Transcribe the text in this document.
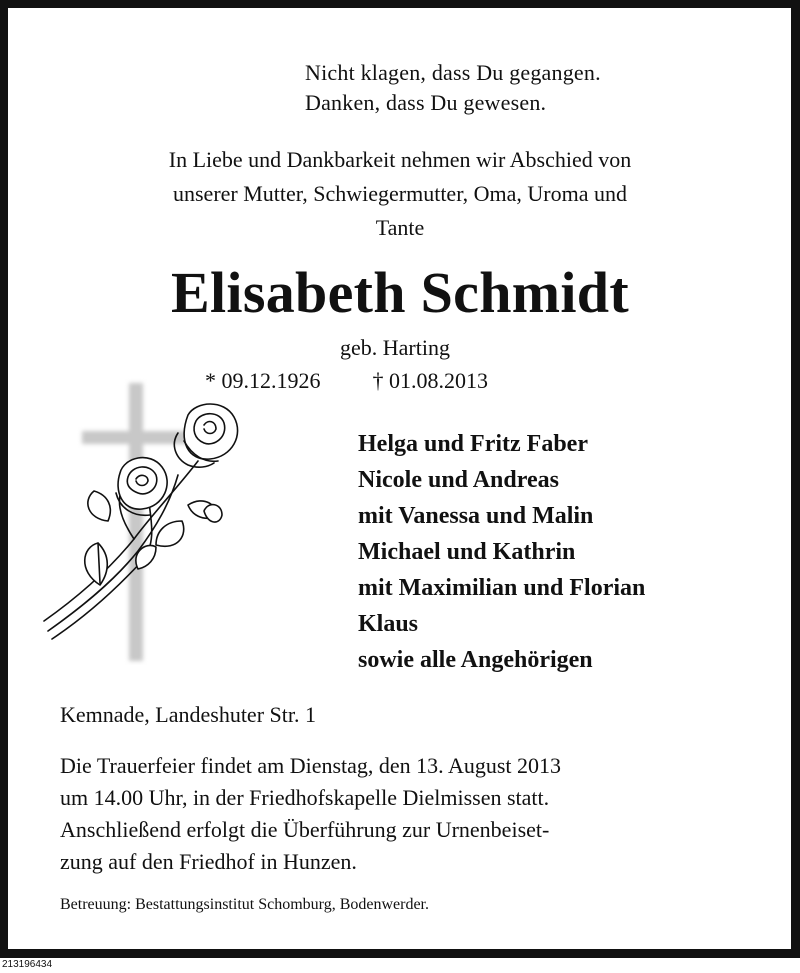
Nicht klagen, dass Du gegangen.
Danken, dass Du gewesen.
In Liebe und Dankbarkeit nehmen wir Abschied von
unserer Mutter, Schwiegermutter, Oma, Uroma und
Tante
Elisabeth Schmidt
geb. Harting
* 09.12.1926 † 01.08.2013
Helga und Fritz Faber
Nicole und Andreas
mit Vanessa und Malin
Michael und Kathrin
mit Maximilian und Florian
Klaus
sowie alle Angehörigen
Kemnade, Landeshuter Str. 1
Die Trauerfeier findet am Dienstag, den 13. August 2013
um 14.00 Uhr, in der Friedhofskapelle Dielmissen statt.
Anschließend erfolgt die Überführung zur Urnenbeiset-
zung auf den Friedhof in Hunzen.
Betreuung: Bestattungsinstitut Schomburg, Bodenwerder.
213196434
